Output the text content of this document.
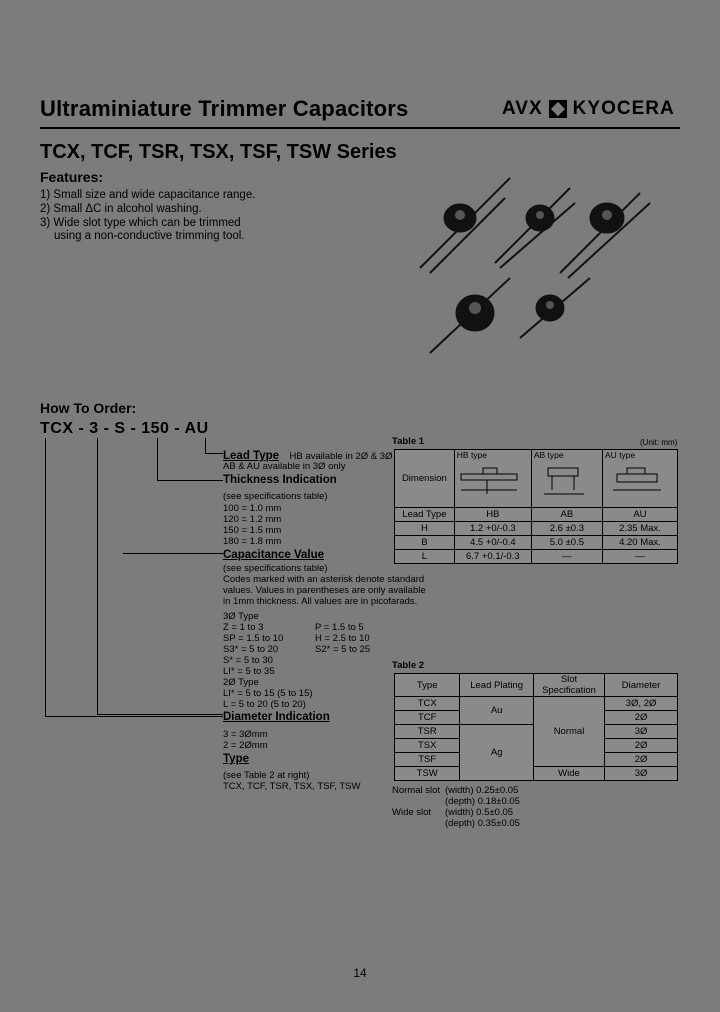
Ultraminiature Trimmer Capacitors	AVX KYOCERA
TCX, TCF, TSR, TSX, TSF, TSW Series
Features:
1) Small size and wide capacitance range.
2) Small ΔC in alcohol washing.
3) Wide slot type which can be trimmed
using a non-conductive trimming tool.
How To Order:
TCX - 3 - S - 150 - AU
Lead Type HB available in 2Ø & 3Ø
AB & AU available in 3Ø only
Thickness Indication
(see specifications table)
100 = 1.0 mm
120 = 1.2 mm
150 = 1.5 mm
180 = 1.8 mm
Capacitance Value
(see specifications table)
Codes marked with an asterisk denote standard
values. Values in parentheses are only available
in 1mm thickness. All values are in picofarads.
3Ø Type
Z = 1 to 3
SP = 1.5 to 10
S3* = 5 to 20
S* = 5 to 30
LI* = 5 to 35
P = 1.5 to 5
H = 2.5 to 10
S2* = 5 to 25
2Ø Type
LI* = 5 to 15 (5 to 15)
L = 5 to 20 (5 to 20)
Diameter Indication
3 = 3Ømm
2 = 2Ømm
Type
(see Table 2 at right)
TCX, TCF, TSR, TSX, TSF, TSW
Table 1	(Unit: mm)
Dimension	HB type	AB type	AU type

Lead Type	HB	AB	AU
H	1.2 +0/-0.3	2.6 ±0.3	2.35 Max.
B	4.5 +0/-0.4	5.0 ±0.5	4.20 Max.
L	6.7 +0.1/-0.3	—	—
Table 2
Type	Lead Plating	Slot Specification	Diameter
TCX	Au	Normal	3Ø, 2Ø
TCF			2Ø
TSR	Ag		3Ø
TSX			2Ø
TSF			2Ø
TSW		Wide	3Ø
Normal slot (width) 0.25±0.05
(depth) 0.18±0.05
Wide slot (width) 0.5±0.05
(depth) 0.35±0.05
14
